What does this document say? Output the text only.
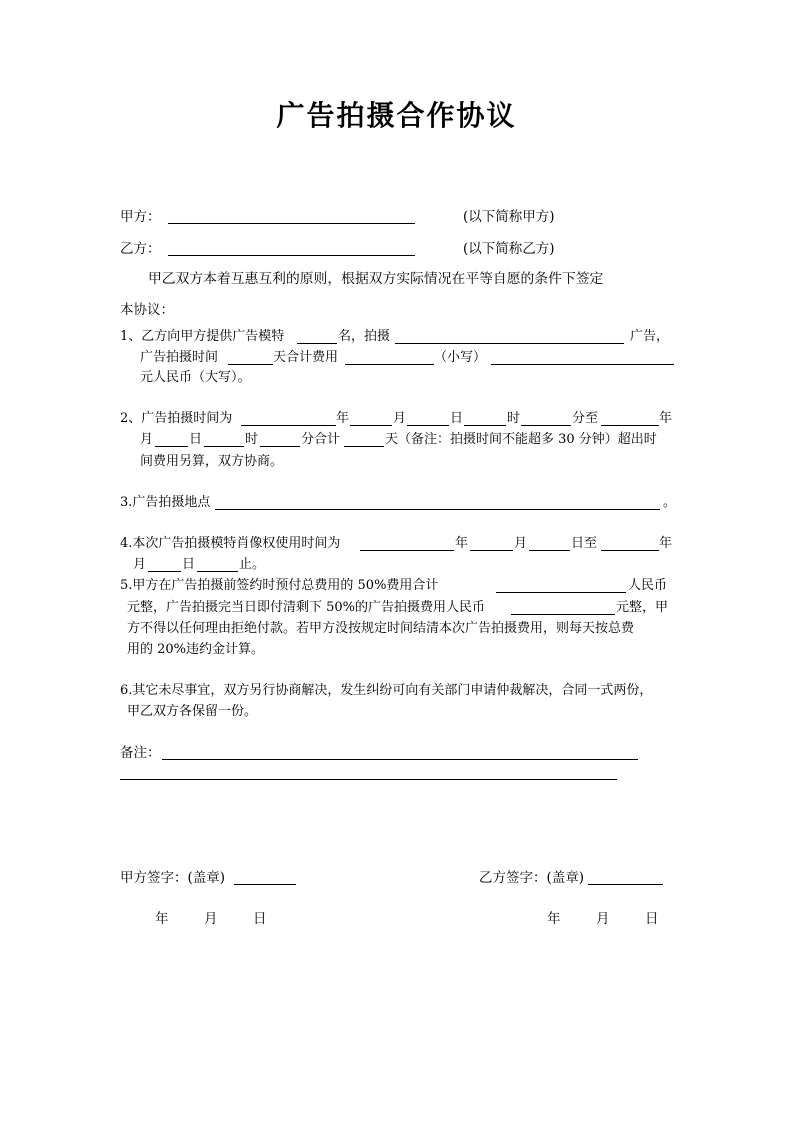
广告拍摄合作协议
甲方：	(以下简称甲方)
乙方：	(以下简称乙方)
甲乙双方本着互惠互利的原则，根据双方实际情况在平等自愿的条件下签定
本协议：
1、乙方向甲方提供广告模特	名，拍摄	广告，
广告拍摄时间	天合计费用	（小写）
元人民币（大写）。
2、广告拍摄时间为	年	月	日	时	分至	年
月	日	时	分合计	天（备注：拍摄时间不能超多 30 分钟）超出时
间费用另算，双方协商。
3.广告拍摄地点	。
4.本次广告拍摄模特肖像权使用时间为	年	月	日至	年
月	日	止。
5.甲方在广告拍摄前签约时预付总费用的 50%费用合计	人民币
元整，广告拍摄完当日即付清剩下 50%的广告拍摄费用人民币	元整，甲
方不得以任何理由拒绝付款。若甲方没按规定时间结清本次广告拍摄费用，则每天按总费
用的 20%违约金计算。
6.其它未尽事宜，双方另行协商解决，发生纠纷可向有关部门申请仲裁解决，合同一式两份，
甲乙双方各保留一份。
备注：
甲方签字：(盖章)	乙方签字：(盖章)
年	月	日	年	月	日
